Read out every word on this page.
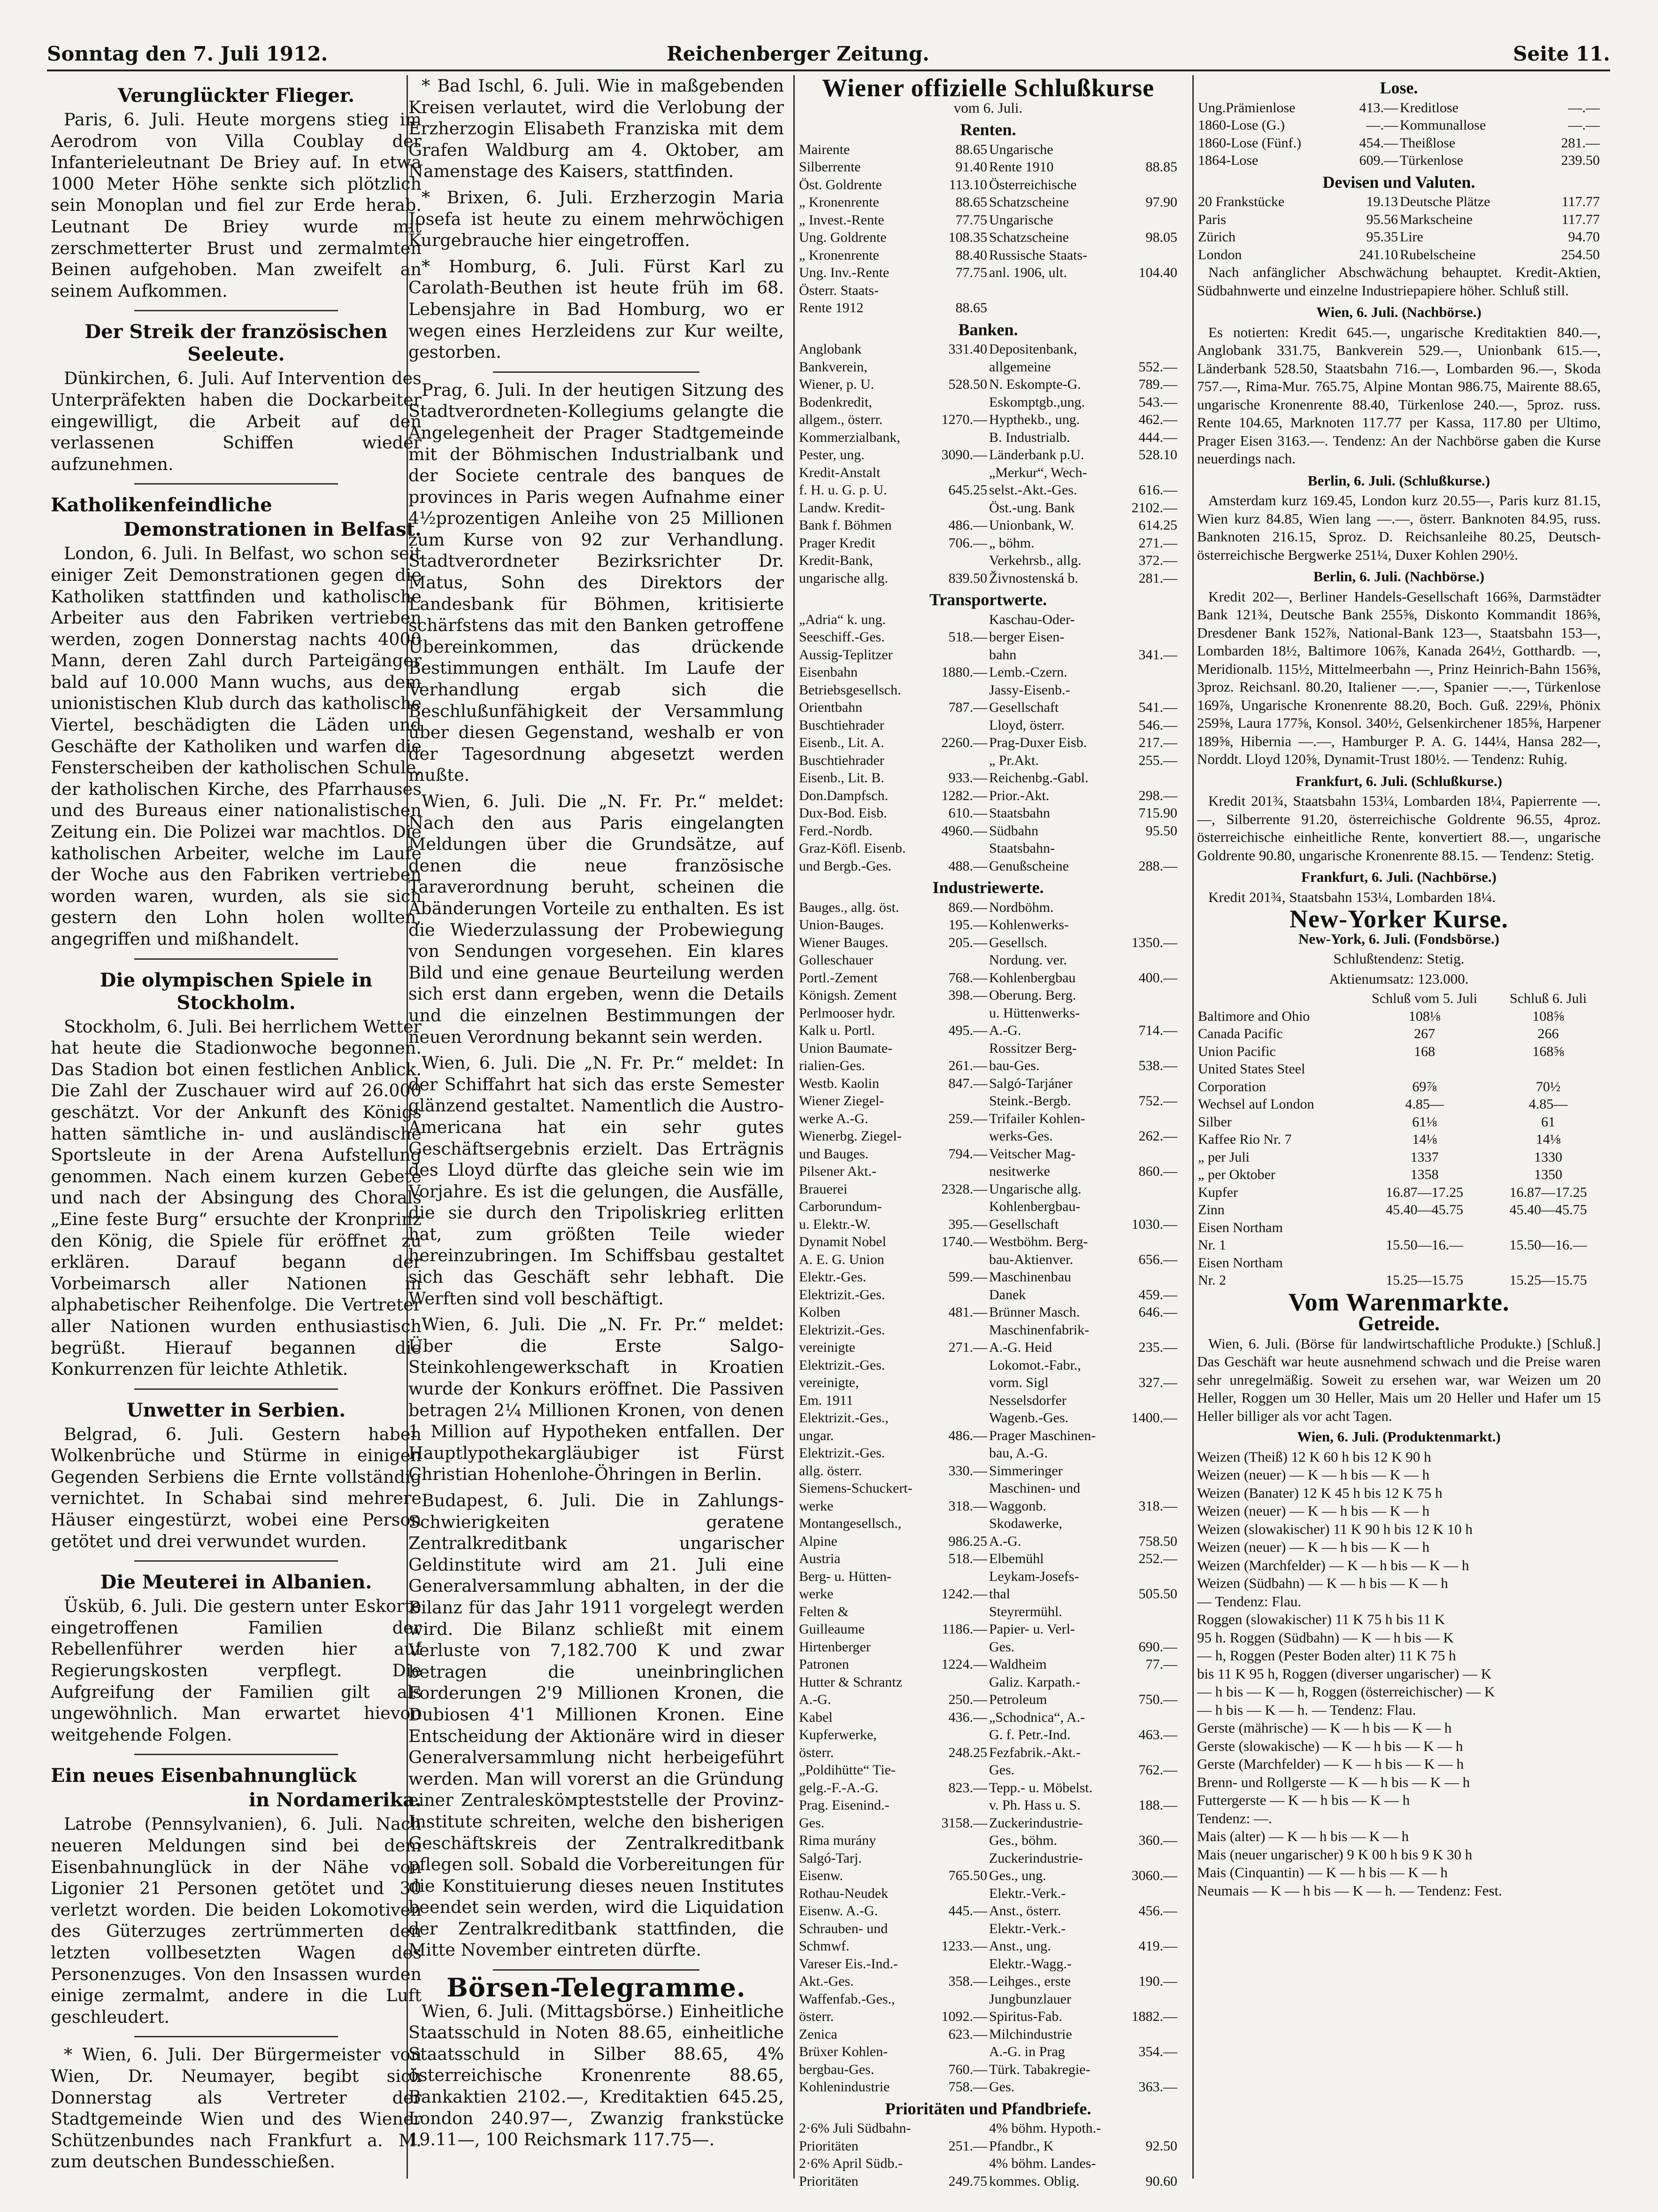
Sonntag den 7. Juli 1912.	Reichenberger Zeitung.	Seite 11.
Verunglückter Flieger.

Paris, 6. Juli. Heute morgens stieg im Aerodrom von Villa Coublay der Infanterieleutnant De Briey auf. In etwa 1000 Meter Höhe senkte sich plötzlich sein Monoplan und fiel zur Erde herab. Leutnant De Briey wurde mit zerschmetterter Brust und zermalmten Beinen aufgehoben. Man zweifelt an seinem Aufkommen.

Der Streik der französischen Seeleute.

Dünkirchen, 6. Juli. Auf Intervention des Unterpräfekten haben die Dockarbeiter eingewilligt, die Arbeit auf den verlassenen Schiffen wieder aufzunehmen.

Katholikenfeindliche
Demonstrationen in Belfast.

London, 6. Juli. In Belfast, wo schon seit einiger Zeit Demonstrationen gegen die Katholiken stattfinden und katholische Arbeiter aus den Fabriken vertrieben werden, zogen Donnerstag nachts 4000 Mann, deren Zahl durch Parteigänger bald auf 10.000 Mann wuchs, aus dem unionistischen Klub durch das katholische Viertel, beschädigten die Läden und Geschäfte der Katholiken und warfen die Fensterscheiben der katholischen Schule, der katholischen Kirche, des Pfarrhauses und des Bureaus einer nationalistischen Zeitung ein. Die Polizei war machtlos. Die katholischen Arbeiter, welche im Laufe der Woche aus den Fabriken vertrieben worden waren, wurden, als sie sich gestern den Lohn holen wollten, angegriffen und mißhandelt.

Die olympischen Spiele in Stockholm.

Stockholm, 6. Juli. Bei herrlichem Wetter hat heute die Stadionwoche begonnen. Das Stadion bot einen festlichen Anblick. Die Zahl der Zuschauer wird auf 26.000 geschätzt. Vor der Ankunft des Königs hatten sämtliche in- und ausländische Sportsleute in der Arena Aufstellung genommen. Nach einem kurzen Gebete und nach der Absingung des Chorals „Eine feste Burg“ ersuchte der Kronprinz den König, die Spiele für eröffnet zu erklären. Darauf begann der Vorbeimarsch aller Nationen in alphabetischer Reihenfolge. Die Vertreter aller Nationen wurden enthusiastisch begrüßt. Hierauf begannen die Konkurrenzen für leichte Athletik.

Unwetter in Serbien.

Belgrad, 6. Juli. Gestern haben Wolkenbrüche und Stürme in einigen Gegenden Serbiens die Ernte vollständig vernichtet. In Schabai sind mehrere Häuser eingestürzt, wobei eine Person getötet und drei verwundet wurden.

Die Meuterei in Albanien.

Üsküb, 6. Juli. Die gestern unter Eskorte eingetroffenen Familien der Rebellenführer werden hier auf Regierungskosten verpflegt. Die Aufgreifung der Familien gilt als ungewöhnlich. Man erwartet hievon weitgehende Folgen.

Ein neues Eisenbahnunglück
in Nordamerika.

Latrobe (Pennsylvanien), 6. Juli. Nach neueren Meldungen sind bei dem Eisenbahnunglück in der Nähe von Ligonier 21 Personen getötet und 30 verletzt worden. Die beiden Lokomotiven des Güterzuges zertrümmerten den letzten vollbesetzten Wagen des Personenzuges. Von den Insassen wurden einige zermalmt, andere in die Luft geschleudert.

* Wien, 6. Juli. Der Bürgermeister von Wien, Dr. Neumayer, begibt sich Donnerstag als Vertreter der Stadtgemeinde Wien und des Wiener Schützenbundes nach Frankfurt a. M. zum deutschen Bundesschießen.

* Bad Ischl, 6. Juli. Wie in maßgebenden Kreisen verlautet, wird die Verlobung der Erzherzogin Elisabeth Franziska mit dem Grafen Waldburg am 4. Oktober, am Namenstage des Kaisers, stattfinden.

* Brixen, 6. Juli. Erzherzogin Maria Josefa ist heute zu einem mehrwöchigen Kurgebrauche hier eingetroffen.

* Homburg, 6. Juli. Fürst Karl zu Carolath-Beuthen ist heute früh im 68. Lebensjahre in Bad Homburg, wo er wegen eines Herzleidens zur Kur weilte, gestorben.

Prag, 6. Juli. In der heutigen Sitzung des Stadtverordneten-Kollegiums gelangte die Angelegenheit der Prager Stadtgemeinde mit der Böhmischen Industrialbank und der Societe centrale des banques de provinces in Paris wegen Aufnahme einer 4½prozentigen Anleihe von 25 Millionen zum Kurse von 92 zur Verhandlung. Stadtverordneter Bezirksrichter Dr. Matus, Sohn des Direktors der Landesbank für Böhmen, kritisierte schärfstens das mit den Banken getroffene Übereinkommen, das drückende Bestimmungen enthält. Im Laufe der Verhandlung ergab sich die Beschlußunfähigkeit der Versammlung über diesen Gegenstand, weshalb er von der Tagesordnung abgesetzt werden mußte.

Wien, 6. Juli. Die „N. Fr. Pr.“ meldet: Nach den aus Paris eingelangten Meldungen über die Grundsätze, auf denen die neue französische Taraverordnung beruht, scheinen die Abänderungen Vorteile zu enthalten. Es ist die Wiederzulassung der Probewiegung von Sendungen vorgesehen. Ein klares Bild und eine genaue Beurteilung werden sich erst dann ergeben, wenn die Details und die einzelnen Bestimmungen der neuen Verordnung bekannt sein werden.

Wien, 6. Juli. Die „N. Fr. Pr.“ meldet: In der Schiffahrt hat sich das erste Semester glänzend gestaltet. Namentlich die Austro-Americana hat ein sehr gutes Geschäftsergebnis erzielt. Das Erträgnis des Lloyd dürfte das gleiche sein wie im Vorjahre. Es ist die gelungen, die Ausfälle, die sie durch den Tripoliskrieg erlitten hat, zum größten Teile wieder hereinzubringen. Im Schiffsbau gestaltet sich das Geschäft sehr lebhaft. Die Werften sind voll beschäftigt.

Wien, 6. Juli. Die „N. Fr. Pr.“ meldet: Über die Erste Salgo-Steinkohlengewerkschaft in Kroatien wurde der Konkurs eröffnet. Die Passiven betragen 2¼ Millionen Kronen, von denen 1 Million auf Hypotheken entfallen. Der Hauptlypothekargläubiger ist Fürst Christian Hohenlohe-Öhringen in Berlin.

Budapest, 6. Juli. Die in Zahlungs-Schwierigkeiten geratene Zentralkreditbank ungarischer Geldinstitute wird am 21. Juli eine Generalversammlung abhalten, in der die Bilanz für das Jahr 1911 vorgelegt werden wird. Die Bilanz schließt mit einem Verluste von 7,182.700 K und zwar betragen die uneinbringlichen Forderungen 2'9 Millionen Kronen, die Dubiosen 4'1 Millionen Kronen. Eine Entscheidung der Aktionäre wird in dieser Generalversammlung nicht herbeigeführt werden. Man will vorerst an die Gründung einer Zentralesköмpteststelle der Provinz-Institute schreiten, welche den bisherigen Geschäftskreis der Zentralkreditbank pflegen soll. Sobald die Vorbereitungen für die Konstituierung dieses neuen Institutes beendet sein werden, wird die Liquidation der Zentralkreditbank stattfinden, die Mitte November eintreten dürfte.

Börsen-Telegramme.

Wien, 6. Juli. (Mittagsbörse.) Einheitliche Staatsschuld in Noten 88.65, einheitliche Staatsschuld in Silber 88.65, 4% österreichische Kronenrente 88.65, Bankaktien 2102.—, Kreditaktien 645.25, London 240.97—, Zwanzig frankstücke 19.11—, 100 Reichsmark 117.75—.

Wiener offizielle Schlußkurse
vom 6. Juli.
Renten.
Mairente	88.65	Ungarische	
Silberrente	91.40	Rente 1910	88.85
Öst. Goldrente	113.10	Österreichische	
„ Kronenrente	88.65	Schatzscheine	97.90
„ Invest.-Rente	77.75	Ungarische	
Ung. Goldrente	108.35	Schatzscheine	98.05
„ Kronenrente	88.40	Russische Staats-	
Ung. Inv.-Rente	77.75	anl. 1906, ult.	104.40
Österr. Staats-			
Rente 1912	88.65		
Banken.
Anglobank	331.40	Depositenbank,	
Bankverein,		allgemeine	552.—
Wiener, p. U.	528.50	N. Eskompte-G.	789.—
Bodenkredit,		Eskomptgb.,ung.	543.—
allgem., österr.	1270.—	Hypthekb., ung.	462.—
Kommerzialbank,		B. Industrialb.	444.—
Pester, ung.	3090.—	Länderbank p.U.	528.10
Kredit-Anstalt		„Merkur“, Wech-	
f. H. u. G. p. U.	645.25	selst.-Akt.-Ges.	616.—
Landw. Kredit-		Öst.-ung. Bank	2102.—
Bank f. Böhmen	486.—	Unionbank, W.	614.25
Prager Kredit	706.—	„ böhm.	271.—
Kredit-Bank,		Verkehrsb., allg.	372.—
ungarische allg.	839.50	Živnostenská b.	281.—
Transportwerte.
„Adria“ k. ung.		Kaschau-Oder-	
Seeschiff.-Ges.	518.—	berger Eisen-	
Aussig-Teplitzer		bahn	341.—
Eisenbahn	1880.—	Lemb.-Czern.	
Betriebsgesellsch.		Jassy-Eisenb.-	
Orientbahn	787.—	Gesellschaft	541.—
Buschtiehrader		Lloyd, österr.	546.—
Eisenb., Lit. A.	2260.—	Prag-Duxer Eisb.	217.—
Buschtiehrader		„ Pr.Akt.	255.—
Eisenb., Lit. B.	933.—	Reichenbg.-Gabl.	
Don.Dampfsch.	1282.—	Prior.-Akt.	298.—
Dux-Bod. Eisb.	610.—	Staatsbahn	715.90
Ferd.-Nordb.	4960.—	Südbahn	95.50
Graz-Köfl. Eisenb.		Staatsbahn-	
und Bergb.-Ges.	488.—	Genußscheine	288.—
Industriewerte.
Bauges., allg. öst.	869.—	Nordböhm.	
Union-Bauges.	195.—	Kohlenwerks-	
Wiener Bauges.	205.—	Gesellsch.	1350.—
Gollesсhauer		Nordung. ver.	
Portl.-Zement	768.—	Kohlenbergbau	400.—
Königsh. Zement	398.—	Oberung. Berg.	
Perlmooser hydr.		u. Hüttenwerks-	
Kalk u. Portl.	495.—	A.-G.	714.—
Union Baumate-		Rossitzer Berg-	
rialien-Ges.	261.—	bau-Ges.	538.—
Westb. Kaolin	847.—	Salgó-Tarjáner	
Wiener Ziegel-		Steink.-Bergb.	752.—
werke A.-G.	259.—	Trifailer Kohlen-	
Wienerbg. Ziegel-		werks-Ges.	262.—
und Bauges.	794.—	Veitscher Mag-	
Pilsener Akt.-		nesitwerke	860.—
Brauerei	2328.—	Ungarische allg.	
Carborundum-		Kohlenbergbau-	
u. Elektr.-W.	395.—	Gesellschaft	1030.—
Dynamit Nobel	1740.—	Westböhm. Berg-	
A. E. G. Union		bau-Aktienver.	656.—
Elektr.-Ges.	599.—	Maschinenbau	
Elektrizit.-Ges.		Danek	459.—
Kolben	481.—	Brünner Masch.	646.—
Elektrizit.-Ges.		Maschinenfabrik-	
vereinigte	271.—	A.-G. Heid	235.—
Elektrizit.-Ges.		Lokomot.-Fabr.,	
vereinigte,		vorm. Sigl	327.—
Em. 1911		Nesselsdorfer	
Elektrizit.-Ges.,		Wagenb.-Ges.	1400.—
ungar.	486.—	Prager Maschinen-	
Elektrizit.-Ges.		bau, A.-G.	
allg. österr.	330.—	Simmeringer	
Siemens-Schuckert-		Maschinen- und	
werke	318.—	Waggonb.	318.—
Montangesellsch.,		Skodawerke,	
Alpine	986.25	A.-G.	758.50
Austria	518.—	Elbemühl	252.—
Berg- u. Hütten-		Leykam-Josefs-	
werke	1242.—	thal	505.50
Felten &		Steyrermühl.	
Guilleaume	1186.—	Papier- u. Verl-	
Hirtenberger		Ges.	690.—
Patronen	1224.—	Waldheim	77.—
Hutter & Schrantz		Galiz. Karpath.-	
A.-G.	250.—	Petroleum	750.—
Kabel	436.—	„Schodnica“, A.-	
Kupferwerke,		G. f. Petr.-Ind.	463.—
österr.	248.25	Fezfabrik.-Akt.-	
„Poldihütte“ Tie-		Ges.	762.—
gelg.-F.-A.-G.	823.—	Tepp.- u. Möbelst.	
Prag. Eisenind.-		v. Ph. Hass u. S.	188.—
Ges.	3158.—	Zuckerindustrie-	
Rima murány		Ges., böhm.	360.—
Salgó-Tarj.		Zuckerindustrie-	
Eisenw.	765.50	Ges., ung.	3060.—
Rothau-Neudek		Elektr.-Verk.-	
Eisenw. A.-G.	445.—	Anst., österr.	456.—
Schrauben- und		Elektr.-Verk.-	
Schmwf.	1233.—	Anst., ung.	419.—
Vareser Eis.-Ind.-		Elektr.-Wagg.-	
Akt.-Ges.	358.—	Leihges., erste	190.—
Waffenfab.-Ges.,		Jungbunzlauer	
österr.	1092.—	Spiritus-Fab.	1882.—
Zenica	623.—	Milchindustrie	
Brüxer Kohlen-		A.-G. in Prag	354.—
bergbau-Ges.	760.—	Türk. Tabakregie-	
Kohlenindustrie	758.—	Ges.	363.—
Prioritäten und Pfandbriefe.
2·6% Juli Südbahn-		4% böhm. Hypoth.-	
Prioritäten	251.—	Pfandbr., K	92.50
2·6% April Südb.-		4% böhm. Landes-	
Prioritäten	249.75	kommes. Oblig.	90.60
Lose.
Ung.Prämienlose	413.—	Kreditlose	—.—
1860-Lose (G.)	—.—	Kommunallose	—.—
1860-Lose (Fünf.)	454.—	Theißlose	281.—
1864-Lose	609.—	Türkenlose	239.50
Devisen und Valuten.
20 Frankstücke	19.13	Deutsche Plätze	117.77
Paris	95.56	Markscheine	117.77
Zürich	95.35	Lire	94.70
London	241.10	Rubelscheine	254.50

Nach anfänglicher Abschwächung behauptet. Kredit-Aktien, Südbahnwerte und einzelne Industriepapiere höher. Schluß still.

Wien, 6. Juli. (Nachbörse.)

Es notierten: Kredit 645.—, ungarische Kreditaktien 840.—, Anglobank 331.75, Bankverein 529.—, Unionbank 615.—, Länderbank 528.50, Staatsbahn 716.—, Lombarden 96.—, Skoda 757.—, Rima-Mur. 765.75, Alpine Montan 986.75, Mairente 88.65, ungarische Kronenrente 88.40, Türkenlose 240.—, 5proz. russ. Rente 104.65, Marknoten 117.77 per Kassa, 117.80 per Ultimo, Prager Eisen 3163.—. Tendenz: An der Nachbörse gaben die Kurse neuerdings nach.

Berlin, 6. Juli. (Schlußkurse.)

Amsterdam kurz 169.45, London kurz 20.55—, Paris kurz 81.15, Wien kurz 84.85, Wien lang —.—, österr. Banknoten 84.95, russ. Banknoten 216.15, Sproz. D. Reichsanleihe 80.25, Deutsch-österreichische Bergwerke 251¼, Duxer Kohlen 290½.

Berlin, 6. Juli. (Nachbörse.)

Kredit 202—, Berliner Handels-Gesellschaft 166⅝, Darmstädter Bank 121¾, Deutsche Bank 255⅝, Diskonto Kommandit 186⅝, Dresdener Bank 152⅞, National-Bank 123—, Staatsbahn 153—, Lombarden 18½, Baltimore 106⅞, Kanada 264½, Gotthardb. —, Meridionalb. 115½, Mittelmeerbahn —, Prinz Heinrich-Bahn 156⅝, 3proz. Reichsanl. 80.20, Italiener —.—, Spanier —.—, Türkenlose 169⅞, Ungarische Kronenrente 88.20, Boch. Guß. 229⅛, Phönix 259⅝, Laura 177⅝, Konsol. 340½, Gelsenkirchener 185⅝, Harpener 189⅝, Hibernia —.—, Hamburger P. A. G. 144¼, Hansa 282—, Norddt. Lloyd 120⅝, Dynamit-Trust 180½. — Tendenz: Ruhig.

Frankfurt, 6. Juli. (Schlußkurse.)

Kredit 201¾, Staatsbahn 153¼, Lombarden 18¼, Papierrente —.—, Silberrente 91.20, österreichische Goldrente 96.55, 4proz. österreichische einheitliche Rente, konvertiert 88.—, ungarische Goldrente 90.80, ungarische Kronenrente 88.15. — Tendenz: Stetig.

Frankfurt, 6. Juli. (Nachbörse.)

Kredit 201¾, Staatsbahn 153¼, Lombarden 18¼.

New-Yorker Kurse.
New-York, 6. Juli. (Fondsbörse.)
Schlußtendenz: Stetig.
Aktienumsatz: 123.000.
	Schluß vom 5. Juli	Schluß 6. Juli
Baltimore and Ohio	108⅛	108⅝
Canada Pacific	267	266
Union Pacific	168	168⅝
United States Steel		
Corporation	69⅞	70½
Wechsel auf London	4.85—	4.85—
Silber	61⅛	61
Kaffee Rio Nr. 7	14⅛	14⅛
„ per Juli	1337	1330
„ per Oktober	1358	1350
Kupfer	16.87—17.25	16.87—17.25
Zinn	45.40—45.75	45.40—45.75
Eisen Northam		
Nr. 1	15.50—16.—	15.50—16.—
Eisen Northam		
Nr. 2	15.25—15.75	15.25—15.75
Vom Warenmarkte.
Getreide.

Wien, 6. Juli. (Börse für landwirtschaftliche Produkte.) [Schluß.] Das Geschäft war heute ausnehmend schwach und die Preise waren sehr unregelmäßig. Soweit zu ersehen war, war Weizen um 20 Heller, Roggen um 30 Heller, Mais um 20 Heller und Hafer um 15 Heller billiger als vor acht Tagen.

Wien, 6. Juli. (Produktenmarkt.)
Weizen (Theiß) 12 K 60 h bis 12 K 90 h
Weizen (neuer) — K — h bis — K — h
Weizen (Banater) 12 K 45 h bis 12 K 75 h
Weizen (neuer) — K — h bis — K — h
Weizen (slowakischer) 11 K 90 h bis 12 K 10 h
Weizen (neuer) — K — h bis — K — h
Weizen (Marchfelder) — K — h bis — K — h
Weizen (Südbahn) — K — h bis — K — h
— Tendenz: Flau.
Roggen (slowakischer) 11 K 75 h bis 11 K
95 h. Roggen (Südbahn) — K — h bis — K
— h, Roggen (Pester Boden alter) 11 K 75 h
bis 11 K 95 h, Roggen (diverser ungarischer) — K
— h bis — K — h, Roggen (österreichischer) — K
— h bis — K — h. — Tendenz: Flau.
Gerste (mährische) — K — h bis — K — h
Gerste (slowakische) — K — h bis — K — h
Gerste (Marchfelder) — K — h bis — K — h
Brenn- und Rollgerste — K — h bis — K — h
Futtergerste — K — h bis — K — h
Tendenz: —.
Mais (alter) — K — h bis — K — h
Mais (neuer ungarischer) 9 K 00 h bis 9 K 30 h
Mais (Cinquantin) — K — h bis — K — h
Neumais — K — h bis — K — h. — Tendenz: Fest.
